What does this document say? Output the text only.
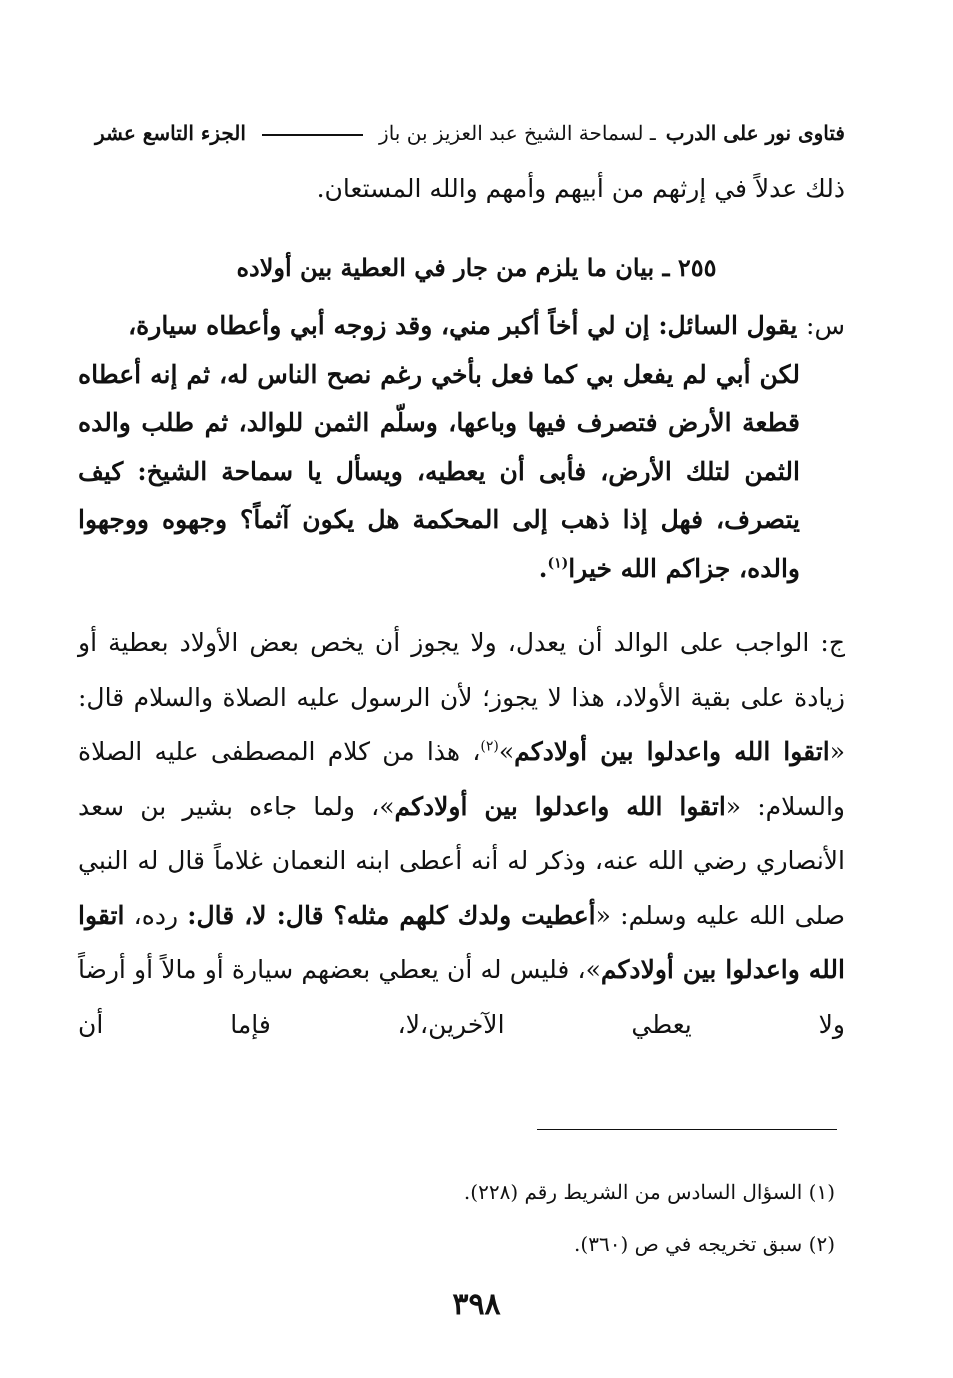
فتاوى نور على الدرب
ـ لسماحة الشيخ عبد العزيز بن باز
الجزء التاسع عشر
ذلك عدلاً في إرثهم من أبيهم وأمهم والله المستعان.
٢٥٥ ـ بيان ما يلزم من جار في العطية بين أولاده
س: يقول السائل: إن لي أخاً أكبر مني، وقد زوجه أبي وأعطاه سيارة،
لكن أبي لم يفعل بي كما فعل بأخي رغم نصح الناس له، ثم إنه أعطاه قطعة الأرض فتصرف فيها وباعها، وسلّم الثمن للوالد، ثم طلب والده الثمن لتلك الأرض، فأبى أن يعطيه، ويسأل يا سماحة الشيخ: كيف يتصرف، فهل إذا ذهب إلى المحكمة هل يكون آثماً؟ وجهوه ووجهوا والده، جزاكم الله خيرا$^{(١)}$.
ج: الواجب على الوالد أن يعدل، ولا يجوز أن يخص بعض الأولاد بعطية أو زيادة على بقية الأولاد، هذا لا يجوز؛ لأن الرسول عليه الصلاة والسلام قال: «اتقوا الله واعدلوا بين أولادكم»$^{(٢)}$، هذا من كلام المصطفى عليه الصلاة والسلام: «اتقوا الله واعدلوا بين أولادكم»، ولما جاءه بشير بن سعد الأنصاري رضي الله عنه، وذكر له أنه أعطى ابنه النعمان غلاماً قال له النبي صلى الله عليه وسلم: «أعطيت ولدك كلهم مثله؟ قال: لا، قال: رده، اتقوا الله واعدلوا بين أولادكم»، فليس له أن يعطي بعضهم سيارة أو مالاً أو أرضاً ولا يعطي الآخرين،لا، فإما أن
(١) السؤال السادس من الشريط رقم (٢٢٨).
(٢) سبق تخريجه في ص (٣٦٠).
٣٩٨
